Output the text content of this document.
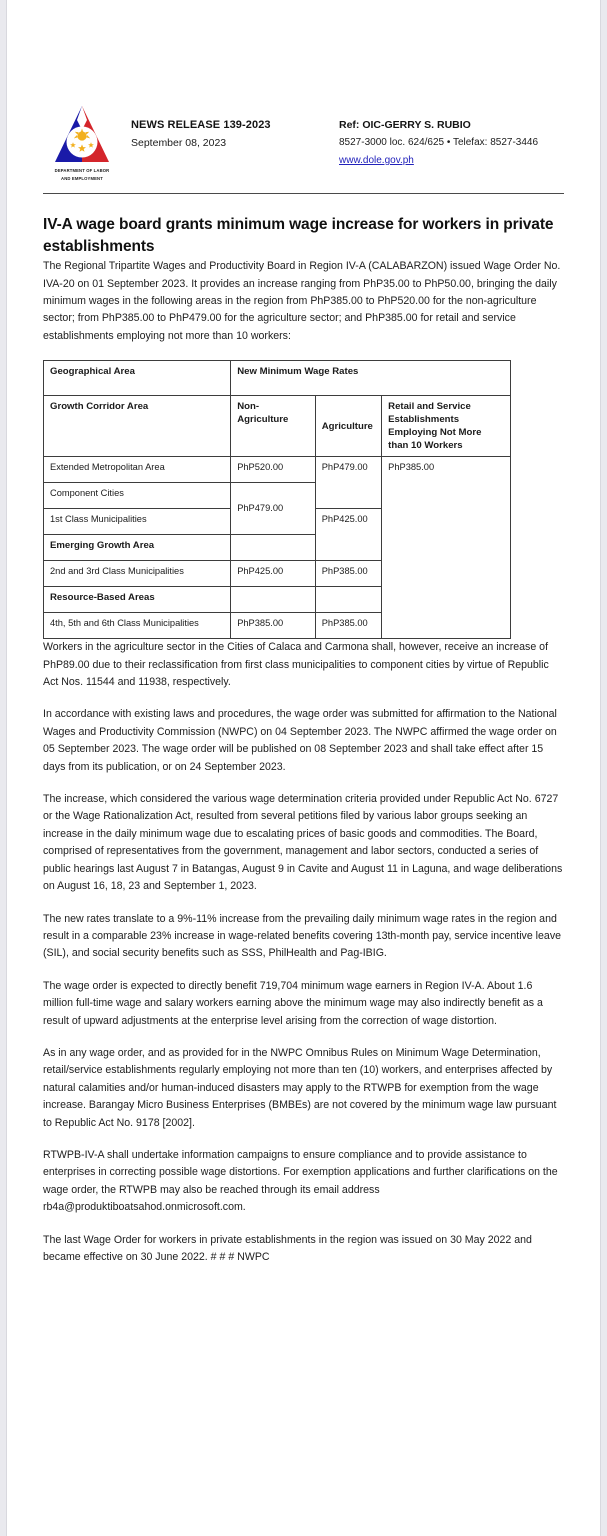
DEPARTMENT OF LABOR
AND EMPLOYMENT
NEWS RELEASE 139-2023
September 08, 2023
Ref: OIC-GERRY S. RUBIO
8527-3000 loc. 624/625 • Telefax: 8527-3446
www.dole.gov.ph
IV-A wage board grants minimum wage increase for workers in private establishments

The Regional Tripartite Wages and Productivity Board in Region IV-A (CALABARZON) issued Wage Order No. IVA-20 on 01 September 2023. It provides an increase ranging from PhP35.00 to PhP50.00, bringing the daily minimum wages in the following areas in the region from PhP385.00 to PhP520.00 for the non-agriculture sector; from PhP385.00 to PhP479.00 for the agriculture sector; and PhP385.00 for retail and service establishments employing not more than 10 workers:

Geographical Area	New Minimum Wage Rates		
Growth Corridor Area	Non-Agriculture	Agriculture	Retail and Service Establishments Employing Not More than 10 Workers
Extended Metropolitan Area	PhP520.00	PhP479.00	PhP385.00
Component Cities	PhP479.00		
1st Class Municipalities		PhP425.00	
Emerging Growth Area			
2nd and 3rd Class Municipalities	PhP425.00	PhP385.00	
Resource-Based Areas			
4th, 5th and 6th Class Municipalities	PhP385.00	PhP385.00	

Workers in the agriculture sector in the Cities of Calaca and Carmona shall, however, receive an increase of PhP89.00 due to their reclassification from first class municipalities to component cities by virtue of Republic Act Nos. 11544 and 11938, respectively.

In accordance with existing laws and procedures, the wage order was submitted for affirmation to the National Wages and Productivity Commission (NWPC) on 04 September 2023. The NWPC affirmed the wage order on 05 September 2023. The wage order will be published on 08 September 2023 and shall take effect after 15 days from its publication, or on 24 September 2023.

The increase, which considered the various wage determination criteria provided under Republic Act No. 6727 or the Wage Rationalization Act, resulted from several petitions filed by various labor groups seeking an increase in the daily minimum wage due to escalating prices of basic goods and commodities. The Board, comprised of representatives from the government, management and labor sectors, conducted a series of public hearings last August 7 in Batangas, August 9 in Cavite and August 11 in Laguna, and wage deliberations on August 16, 18, 23 and September 1, 2023.

The new rates translate to a 9%-11% increase from the prevailing daily minimum wage rates in the region and result in a comparable 23% increase in wage-related benefits covering 13th-month pay, service incentive leave (SIL), and social security benefits such as SSS, PhilHealth and Pag-IBIG.

The wage order is expected to directly benefit 719,704 minimum wage earners in Region IV-A. About 1.6 million full-time wage and salary workers earning above the minimum wage may also indirectly benefit as a result of upward adjustments at the enterprise level arising from the correction of wage distortion.

As in any wage order, and as provided for in the NWPC Omnibus Rules on Minimum Wage Determination, retail/service establishments regularly employing not more than ten (10) workers, and enterprises affected by natural calamities and/or human-induced disasters may apply to the RTWPB for exemption from the wage increase. Barangay Micro Business Enterprises (BMBEs) are not covered by the minimum wage law pursuant to Republic Act No. 9178 [2002].

RTWPB-IV-A shall undertake information campaigns to ensure compliance and to provide assistance to enterprises in correcting possible wage distortions. For exemption applications and further clarifications on the wage order, the RTWPB may also be reached through its email address rb4a@produktiboatsahod.onmicrosoft.com.

The last Wage Order for workers in private establishments in the region was issued on 30 May 2022 and became effective on 30 June 2022. # # # NWPC
